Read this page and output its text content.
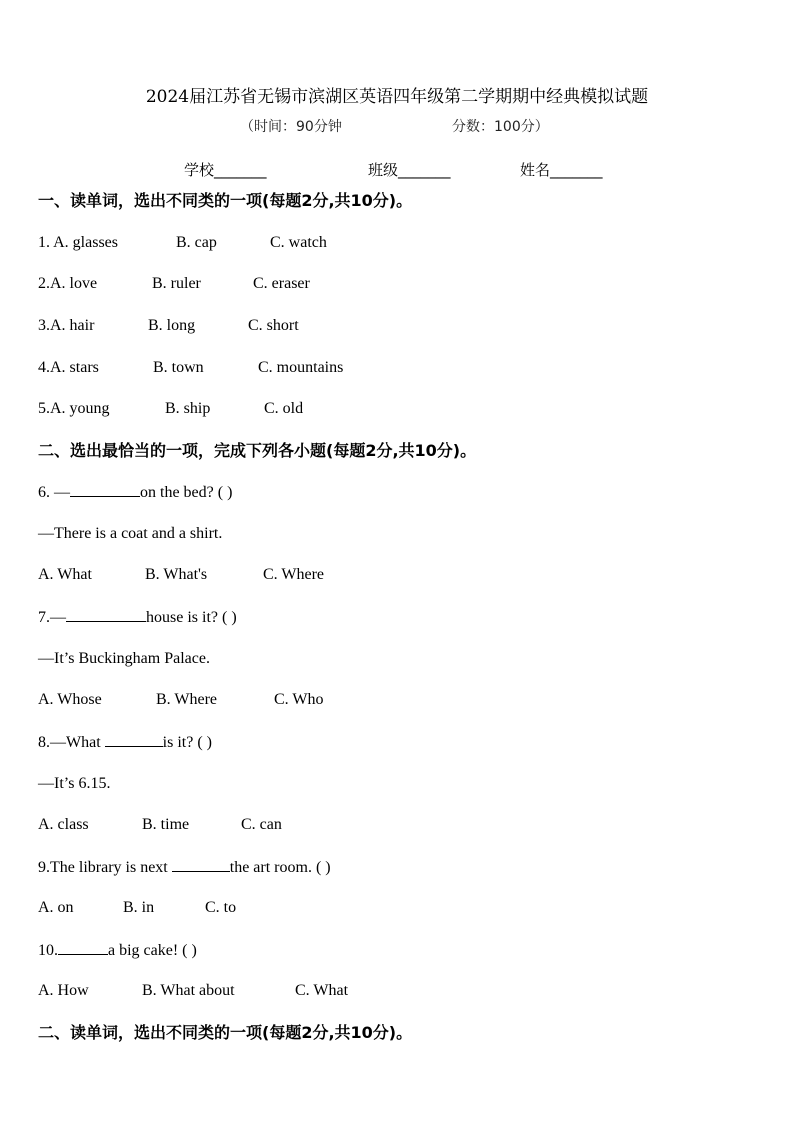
2024届江苏省无锡市滨湖区英语四年级第二学期期中经典模拟试题
（时间：90分钟	分数：100分）
学校_______	班级_______	姓名_______
一、读单词，选出不同类的一项(每题2分,共10分)。
1. A. glasses	B. cap	C. watch
2.A. love	B. ruler	C. eraser
3.A. hair	B. long	C. short
4.A. stars	B. town	C. mountains
5.A. young	B. ship	C. old
二、选出最恰当的一项，完成下列各小题(每题2分,共10分)。
6. —	on the bed? ( )
—There is a coat and a shirt.
A. What	B. What's	C. Where
7.—	house is it? ( )
—It’s Buckingham Palace.
A. Whose	B. Where	C. Who
8.—What	is it? ( )
—It’s 6.15.
A. class	B. time	C. can
9.The library is next	the art room. ( )
A. on	B. in	C. to
10.	a big cake! ( )
A. How	B. What about	C. What
二、读单词，选出不同类的一项(每题2分,共10分)。
